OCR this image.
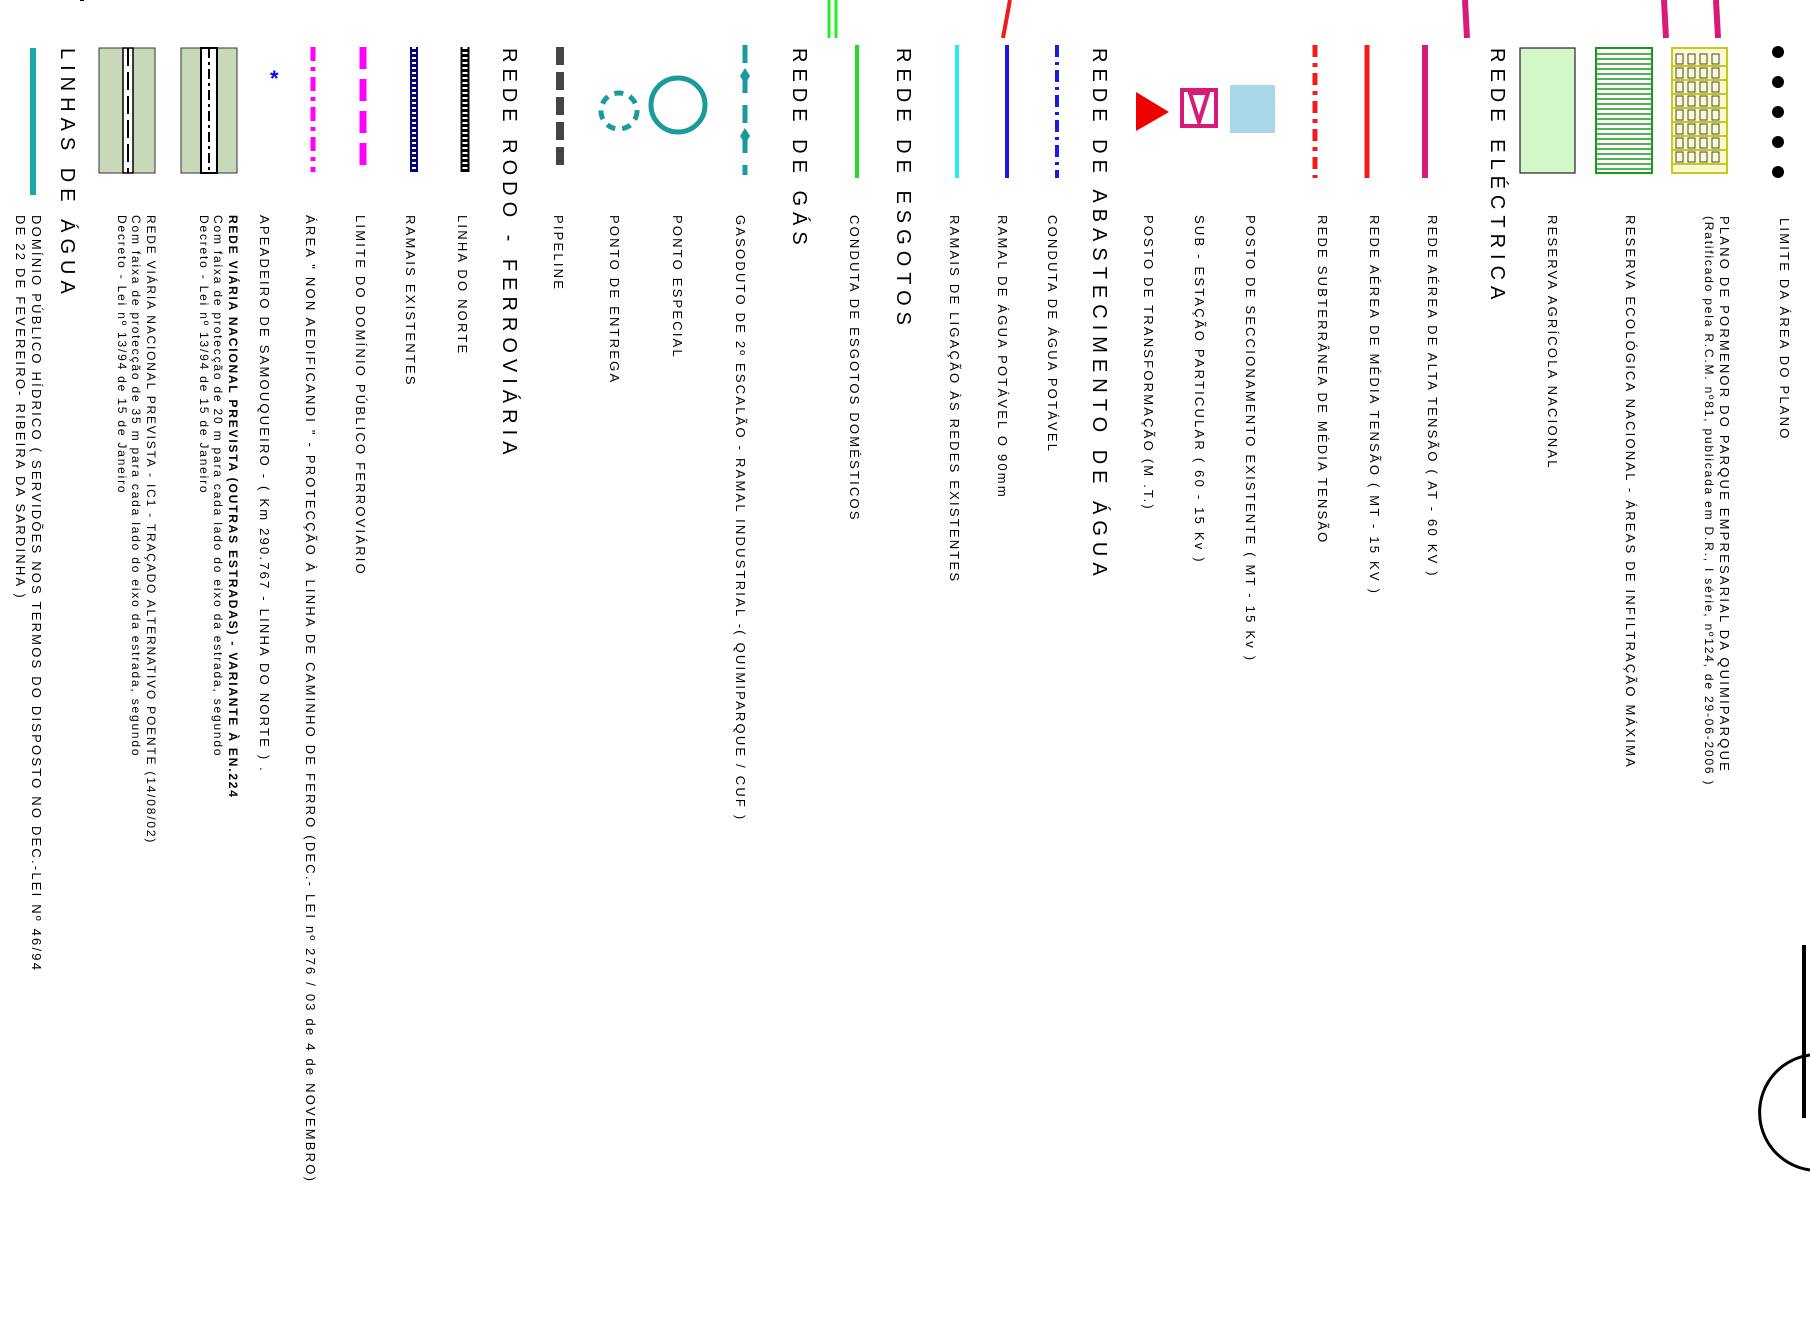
*
LIMITE DA ÁREA DO PLANO
PLANO DE PORMENOR DO PARQUE EMPRESARIAL DA QUIMIPARQUE
(Ratificado pela R.C.M. nº81, publicada em D.R., I série, nº124, de 29-06-2006 )
RESERVA ECOLÓGICA NACIONAL - ÁREAS DE INFILTRAÇÃO MÁXIMA
RESERVA AGRÍCOLA NACIONAL
REDE ELÉCTRICA
REDE AÉREA DE ALTA TENSÃO ( AT - 60 KV )
REDE AÉREA DE MÉDIA TENSÃO ( MT - 15 KV )
REDE SUBTERRÂNEA DE MÉDIA TENSÃO
POSTO DE SECCIONAMENTO EXISTENTE ( MT - 15 Kv )
SUB - ESTAÇÃO PARTICULAR ( 60 - 15 Kv )
POSTO DE TRANSFORMAÇÃO (M .T.)
REDE DE ABASTECIMENTO DE ÁGUA
CONDUTA DE ÁGUA POTÁVEL
RAMAL DE ÁGUA POTÁVEL O 90mm
RAMAIS DE LIGAÇÃO ÀS REDES EXISTENTES
REDE DE ESGOTOS
CONDUTA DE ESGOTOS DOMÉSTICOS
REDE DE GÁS
GASODUTO DE 2º ESCALÃO - RAMAL INDUSTRIAL -( QUIMIPARQUE / CUF )
PONTO ESPECIAL
PONTO DE ENTREGA
PIPELINE
REDE RODO - FERROVIÁRIA
LINHA DO NORTE
RAMAIS EXISTENTES
LIMITE DO DOMÍNIO PÚBLICO FERROVIÁRIO
ÁREA " NON AEDIFICANDI " - PROTECÇÃO À LINHA DE CAMINHO DE FERRO (DEC.- LEI nº 276 / 03 de 4 de NOVEMBRO)
APEADEIRO DE SAMOUQUEIRO - ( Km 290.767 - LINHA DO NORTE ) .
REDE VIÁRIA NACIONAL PREVISTA (OUTRAS ESTRADAS) - VARIANTE À EN.224
Com faixa de protecção de 20 m para cada lado do eixo da estrada, segundo
Decreto - Lei nº 13/94 de 15 de Janeiro
REDE VIÁRIA NACIONAL PREVISTA - IC1 - TRAÇADO ALTERNATIVO POENTE (14/08/02)
Com faixa de protecção de 35 m para cada lado do eixo da estrada, segundo
Decreto - Lei nº 13/94 de 15 de Janeiro
LINHAS DE ÁGUA
DOMÍNIO PÚBLICO HÍDRICO ( SERVIDÕES NOS TERMOS DO DISPOSTO NO DEC.-LEI Nº 46/94
DE 22 DE FEVEREIRO- RIBEIRA DA SARDINHA )
